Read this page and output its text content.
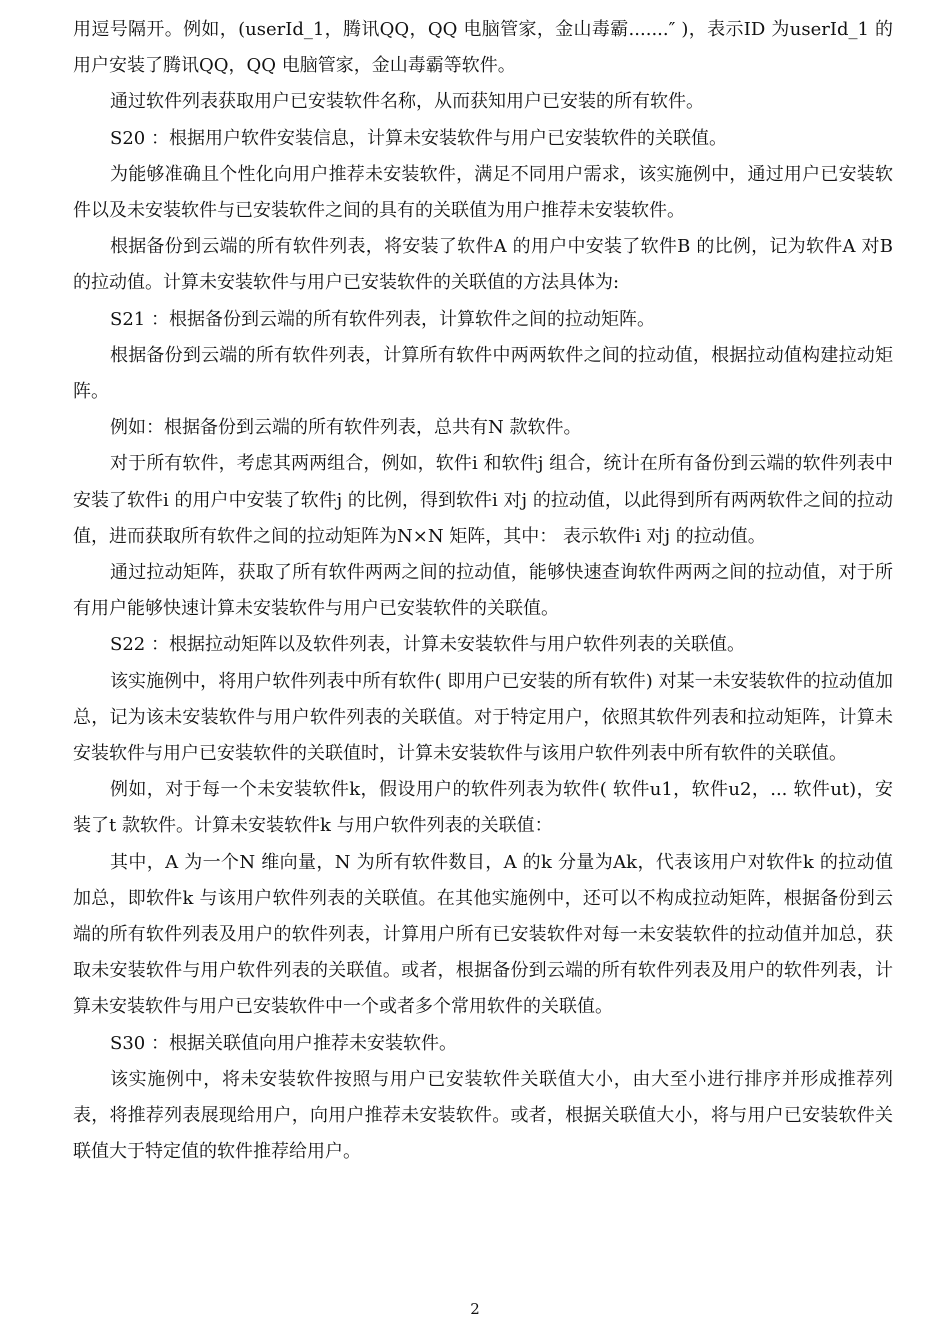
用逗号隔开。例如，(userId_1，腾讯QQ，QQ 电脑管家，金山毒霸.......″ )，表示ID 为userId_1 的用户安装了腾讯QQ，QQ 电脑管家，金山毒霸等软件。

通过软件列表获取用户已安装软件名称，从而获知用户已安装的所有软件。

S20 ：根据用户软件安装信息，计算未安装软件与用户已安装软件的关联值。

为能够准确且个性化向用户推荐未安装软件，满足不同用户需求，该实施例中，通过用户已安装软件以及未安装软件与已安装软件之间的具有的关联值为用户推荐未安装软件。

根据备份到云端的所有软件列表，将安装了软件A 的用户中安装了软件B 的比例，记为软件A 对B 的拉动值。计算未安装软件与用户已安装软件的关联值的方法具体为:

S21 ：根据备份到云端的所有软件列表，计算软件之间的拉动矩阵。

根据备份到云端的所有软件列表，计算所有软件中两两软件之间的拉动值，根据拉动值构建拉动矩阵。

例如：根据备份到云端的所有软件列表，总共有N 款软件。

对于所有软件，考虑其两两组合，例如，软件i 和软件j 组合，统计在所有备份到云端的软件列表中安装了软件i 的用户中安装了软件j 的比例，得到软件i 对j 的拉动值，以此得到所有两两软件之间的拉动值，进而获取所有软件之间的拉动矩阵为N×N 矩阵，其中： 表示软件i 对j 的拉动值。

通过拉动矩阵，获取了所有软件两两之间的拉动值，能够快速查询软件两两之间的拉动值，对于所有用户能够快速计算未安装软件与用户已安装软件的关联值。

S22 ：根据拉动矩阵以及软件列表，计算未安装软件与用户软件列表的关联值。

该实施例中，将用户软件列表中所有软件( 即用户已安装的所有软件) 对某一未安装软件的拉动值加总，记为该未安装软件与用户软件列表的关联值。对于特定用户，依照其软件列表和拉动矩阵，计算未安装软件与用户已安装软件的关联值时，计算未安装软件与该用户软件列表中所有软件的关联值。

例如，对于每一个未安装软件k，假设用户的软件列表为软件( 软件u1，软件u2，... 软件ut)，安装了t 款软件。计算未安装软件k 与用户软件列表的关联值：

其中，A 为一个N 维向量，N 为所有软件数目，A 的k 分量为Ak，代表该用户对软件k 的拉动值加总，即软件k 与该用户软件列表的关联值。在其他实施例中，还可以不构成拉动矩阵，根据备份到云端的所有软件列表及用户的软件列表，计算用户所有已安装软件对每一未安装软件的拉动值并加总，获取未安装软件与用户软件列表的关联值。或者，根据备份到云端的所有软件列表及用户的软件列表，计算未安装软件与用户已安装软件中一个或者多个常用软件的关联值。

S30 ：根据关联值向用户推荐未安装软件。

该实施例中，将未安装软件按照与用户已安装软件关联值大小，由大至小进行排序并形成推荐列表，将推荐列表展现给用户，向用户推荐未安装软件。或者，根据关联值大小，将与用户已安装软件关联值大于特定值的软件推荐给用户。

2
